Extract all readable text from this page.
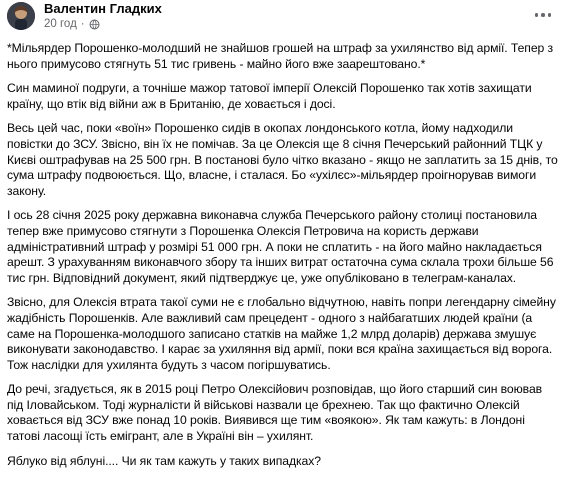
Валентин Гладких
20 год ·

*Мільярдер Порошенко-молодший не знайшов грошей на штраф за ухилянство від армії. Тепер з нього примусово стягнуть 51 тис гривень - майно його вже заарештовано.*

Син маминої подруги, а точніше мажор татової імперії Олексій Порошенко так хотів захищати країну, що втік від війни аж в Британію, де ховається і досі.

Весь цей час, поки «воїн» Порошенко сидів в окопах лондонського котла, йому надходили повістки до ЗСУ. Звісно, він їх не помічав. За це Олексія ще 8 січня Печерський районний ТЦК у Києві оштрафував на 25 500 грн. В постанові було чітко вказано - якщо не заплатить за 15 днів, то сума штрафу подвоюється. Що, власне, і сталася. Бо «ухілєс»-мільярдер проігнорував вимоги закону.

І ось 28 січня 2025 року державна виконавча служба Печерського району столиці постановила тепер вже примусово стягнути з Порошенка Олексія Петровича на користь держави адміністративний штраф у розмірі 51 000 грн. А поки не сплатить - на його майно накладається арешт. З урахуванням виконавчого збору та інших витрат остаточна сума склала трохи більше 56 тис грн. Відповідний документ, який підтверджує це, уже опубліковано в телеграм-каналах.

Звісно, для Олексія втрата такої суми не є глобально відчутною, навіть попри легендарну сімейну жадібність Порошенків. Але важливий сам прецедент - одного з найбагатших людей країни (а саме на Порошенка-молодшого записано статків на майже 1,2 млрд доларів) держава змушує виконувати законодавство. І карає за ухиляння від армії, поки вся країна захищається від ворога. Тож наслідки для ухилянта будуть з часом погіршуватись.

До речі, згадується, як в 2015 році Петро Олексійович розповідав, що його старший син воював під Іловайськом. Тоді журналісти й військові назвали це брехнею. Так що фактично Олексій ховається від ЗСУ вже понад 10 років. Виявився ще тим «воякою». Як там кажуть: в Лондоні татові ласощі їсть емігрант, але в Україні він – ухилянт.

Яблуко від яблуні.... Чи як там кажуть у таких випадках?
